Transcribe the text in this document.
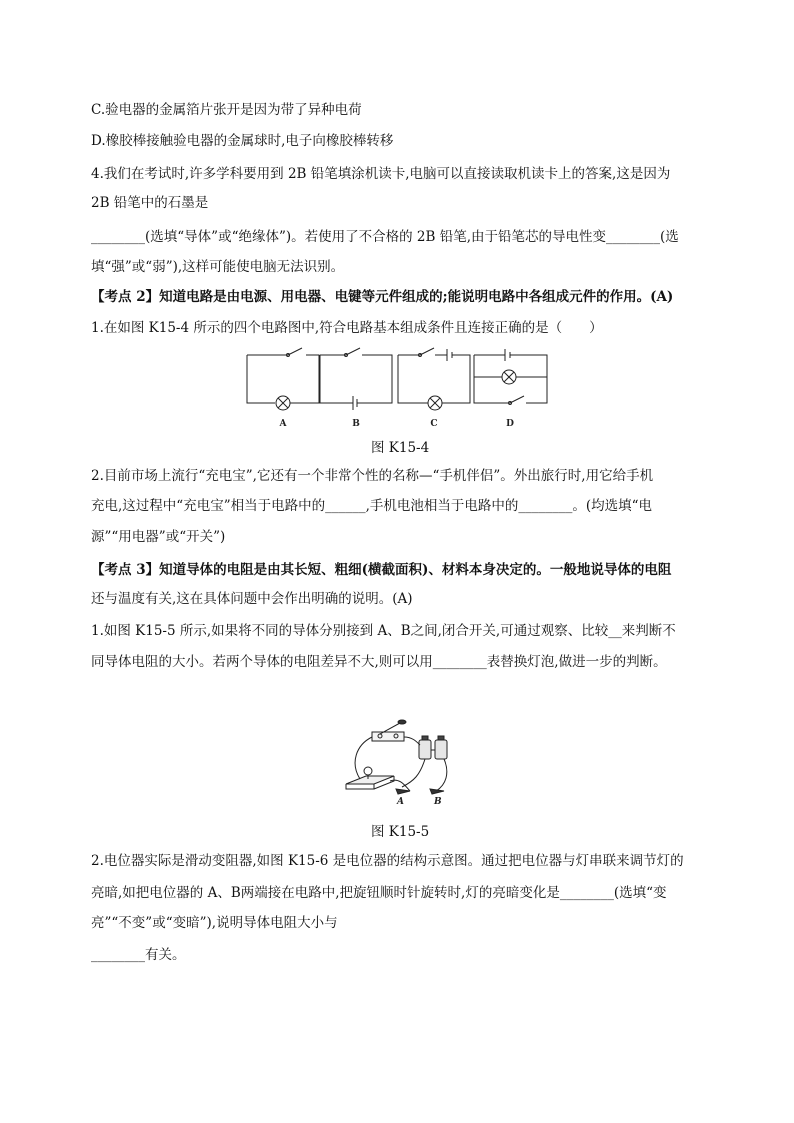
C.验电器的金属箔片张开是因为带了异种电荷
D.橡胶棒接触验电器的金属球时,电子向橡胶棒转移
4.我们在考试时,许多学科要用到 2B 铅笔填涂机读卡,电脑可以直接读取机读卡上的答案,这是因为
2B 铅笔中的石墨是
________(选填“导体”或“绝缘体”)。若使用了不合格的 2B 铅笔,由于铅笔芯的导电性变________(选
填“强”或“弱”),这样可能使电脑无法识别。
【考点 2】知道电路是由电源、用电器、电键等元件组成的;能说明电路中各组成元件的作用。(A)
1.在如图 K15-4 所示的四个电路图中,符合电路基本组成条件且连接正确的是（　　）
A	B	C	D
图 K15-4
2.目前市场上流行“充电宝”,它还有一个非常个性的名称—“手机伴侣”。外出旅行时,用它给手机
充电,这过程中“充电宝”相当于电路中的______,手机电池相当于电路中的________。(均选填“电
源”“用电器”或“开关”)
【考点 3】知道导体的电阻是由其长短、粗细(横截面积)、材料本身决定的。一般地说导体的电阻
还与温度有关,这在具体问题中会作出明确的说明。(A)
1.如图 K15-5 所示,如果将不同的导体分别接到 A、B之间,闭合开关,可通过观察、比较__来判断不
同导体电阻的大小。若两个导体的电阻差异不大,则可以用________表替换灯泡,做进一步的判断。
A	B
图 K15-5
2.电位器实际是滑动变阻器,如图 K15-6 是电位器的结构示意图。通过把电位器与灯串联来调节灯的
亮暗,如把电位器的 A、B两端接在电路中,把旋钮顺时针旋转时,灯的亮暗变化是________(选填“变
亮”“不变”或“变暗”),说明导体电阻大小与
________有关。
